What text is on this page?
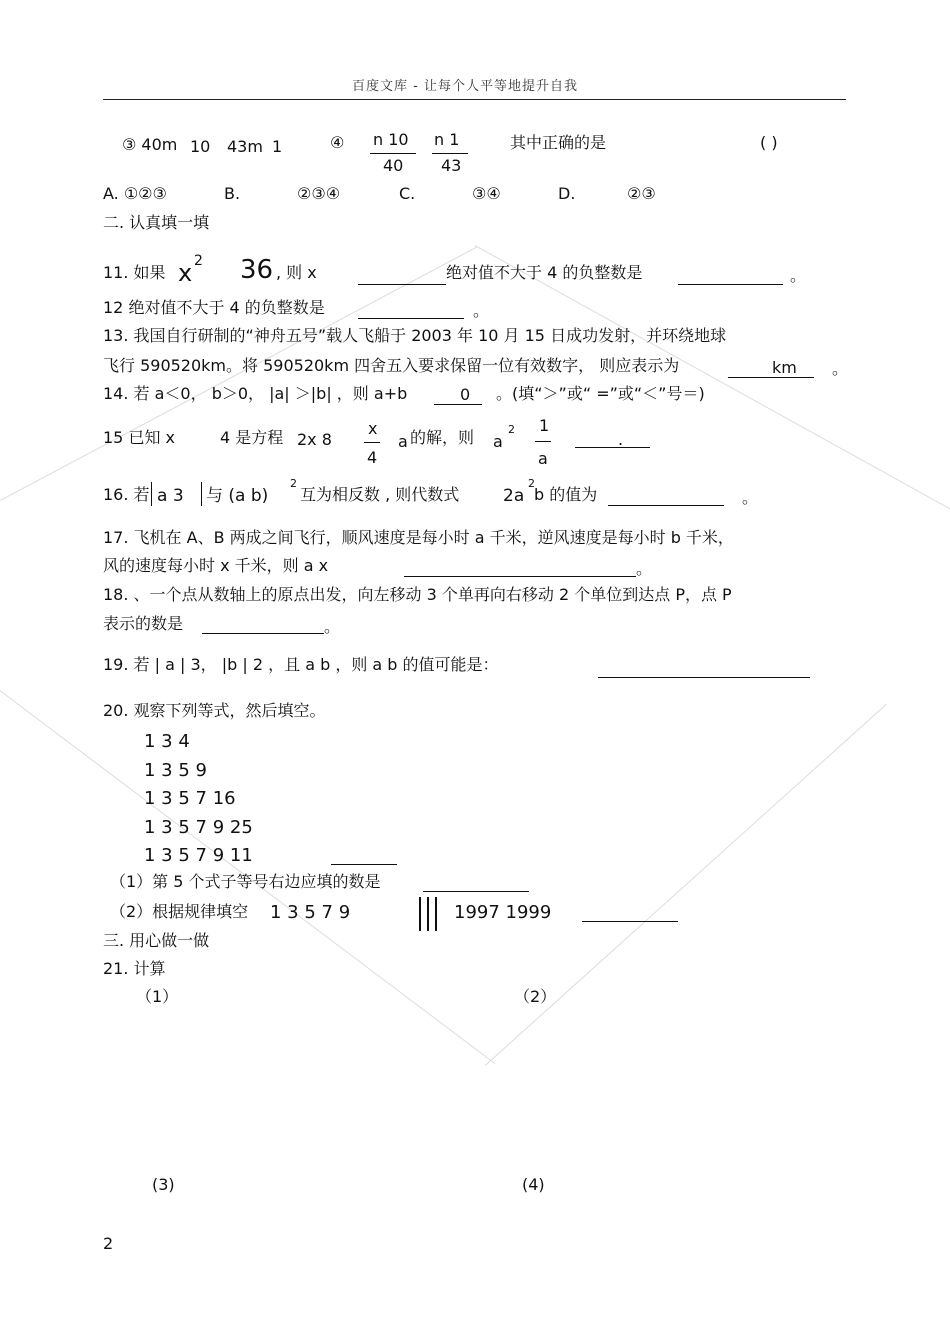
百度文库 - 让每个人平等地提升自我
③ 40m 10 43m 1	④ n 10
40
n 1
43
其中正确的是	( )
A. ①②③	B.	②③④	C.	③④	D.	②③
二. 认真填一填
11. 如果 x 2 36 , 则 x	绝对值不大于 4 的负整数是	。
12 绝对值不大于 4 的负整数是	。
13. 我国自行研制的“神舟五号”载人飞船于 2003 年 10 月 15 日成功发射，并环绕地球
飞行 590520km。将 590520km 四舍五入要求保留一位有效数字， 则应表示为	km 。
14. 若 a＜0， b＞0， |a| ＞|b| ，则 a+b	0 。(填“＞”或“ =”或“＜”号＝)
15 已知 x	4 是方程 2x 8
x
4
a 的解，则 a
2 1
a
.
16. 若 a 3 与 (a b)
2
互为相反数 , 则代数式	2a
2
b 的值为	。
17. 飞机在 A、B 两成之间飞行，顺风速度是每小时 a 千米，逆风速度是每小时 b 千米，
风的速度每小时 x 千米，则 a x	。
18. 、一个点从数轴上的原点出发，向左移动 3 个单再向右移动 2 个单位到达点 P，点 P
表示的数是	。
19. 若 | a | 3， |b | 2 ，且 a b ，则 a b 的值可能是：
20. 观察下列等式，然后填空。
1 3 4
1 3 5 9
1 3 5 7 16
1 3 5 7 9 25
1 3 5 7 9 11
（1）第 5 个式子等号右边应填的数是
（2）根据规律填空 1 3 5 7 9	1997 1999
三. 用心做一做
21. 计算
（1）	（2）
(3)	(4)
2
